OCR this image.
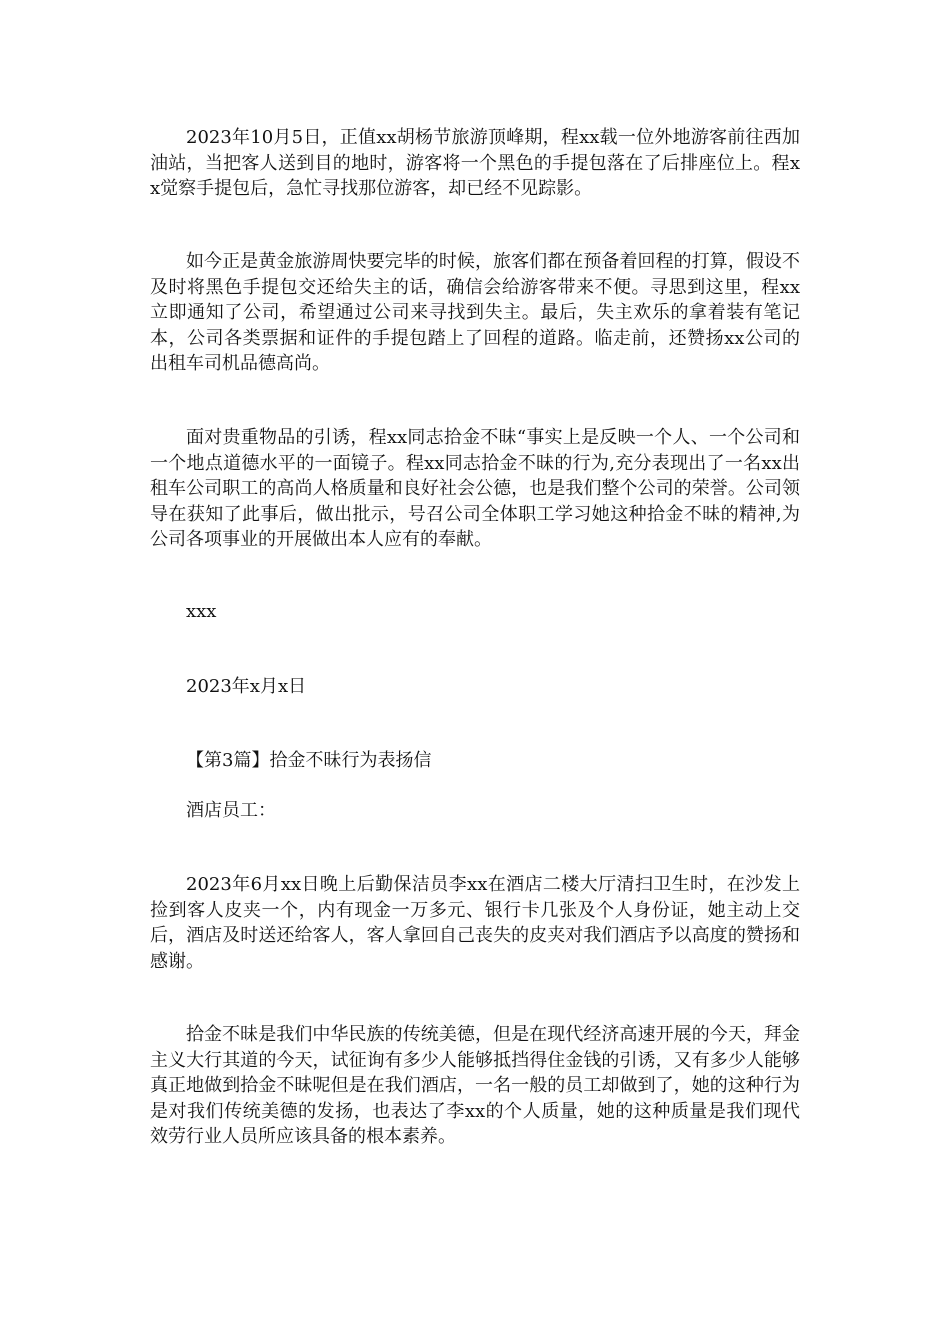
2023年10月5日，正值xx胡杨节旅游顶峰期，程xx载一位外地游客前往西加油站，当把客人送到目的地时，游客将一个黑色的手提包落在了后排座位上。程xx觉察手提包后，急忙寻找那位游客，却已经不见踪影。

如今正是黄金旅游周快要完毕的时候，旅客们都在预备着回程的打算，假设不及时将黑色手提包交还给失主的话，确信会给游客带来不便。寻思到这里，程xx立即通知了公司，希望通过公司来寻找到失主。最后，失主欢乐的拿着装有笔记本，公司各类票据和证件的手提包踏上了回程的道路。临走前，还赞扬xx公司的出租车司机品德高尚。

面对贵重物品的引诱，程xx同志拾金不昧“事实上是反映一个人、一个公司和一个地点道德水平的一面镜子。程xx同志拾金不昧的行为,充分表现出了一名xx出租车公司职工的高尚人格质量和良好社会公德，也是我们整个公司的荣誉。公司领导在获知了此事后，做出批示，号召公司全体职工学习她这种拾金不昧的精神,为公司各项事业的开展做出本人应有的奉献。

xxx

2023年x月x日

【第3篇】拾金不昧行为表扬信

酒店员工：

2023年6月xx日晚上后勤保洁员李xx在酒店二楼大厅清扫卫生时，在沙发上捡到客人皮夹一个，内有现金一万多元、银行卡几张及个人身份证，她主动上交后，酒店及时送还给客人，客人拿回自己丧失的皮夹对我们酒店予以高度的赞扬和感谢。

拾金不昧是我们中华民族的传统美德，但是在现代经济高速开展的今天，拜金主义大行其道的今天，试征询有多少人能够抵挡得住金钱的引诱，又有多少人能够真正地做到拾金不昧呢但是在我们酒店，一名一般的员工却做到了，她的这种行为是对我们传统美德的发扬，也表达了李xx的个人质量，她的这种质量是我们现代效劳行业人员所应该具备的根本素养。
